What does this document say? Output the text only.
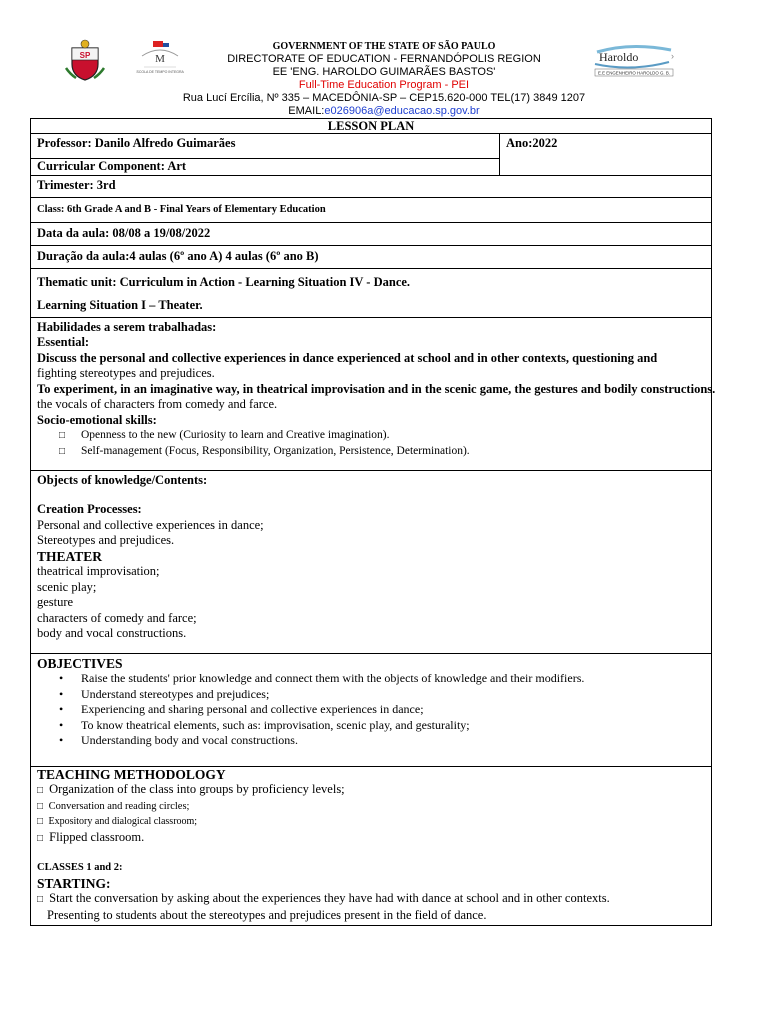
SP	M
ESCOLA DE TEMPO INTEGRAL
Haroldo	›
E.E ENGENHEIRO HAROLDO G. B.
GOVERNMENT OF THE STATE OF SÃO PAULO
DIRECTORATE OF EDUCATION - FERNANDÓPOLIS REGION
EE 'ENG. HAROLDO GUIMARÃES BASTOS'
Full-Time Education Program - PEI
Rua Lucí Ercília, Nº 335 – MACEDÔNIA-SP – CEP15.620-000 TEL(17) 3849 1207
EMAIL:e026906a@educacao.sp.gov.br
LESSON PLAN
Professor: Danilo Alfredo Guimarães	Ano:2022
Curricular Component: Art
Trimester: 3rd
Class: 6th Grade A and B - Final Years of Elementary Education
Data da aula: 08/08 a 19/08/2022
Duração da aula:4 aulas (6º ano A) 4 aulas (6º ano B)

Thematic unit: Curriculum in Action - Learning Situation IV - Dance.
Learning Situation I – Theater.

Habilidades a serem trabalhadas:
Essential:
Discuss the personal and collective experiences in dance experienced at school and in other contexts, questioning and
fighting stereotypes and prejudices.
To experiment, in an imaginative way, in theatrical improvisation and in the scenic game, the gestures and bodily constructions.
the vocals of characters from comedy and farce.
Socio-emotional skills:
□ Openness to the new (Curiosity to learn and Creative imagination).
□ Self-management (Focus, Responsibility, Organization, Persistence, Determination).

Objects of knowledge/Contents:
Creation Processes:
Personal and collective experiences in dance;
Stereotypes and prejudices.
THEATER
theatrical improvisation;
scenic play;
gesture
characters of comedy and farce;
body and vocal constructions.

OBJECTIVES
• Raise the students' prior knowledge and connect them with the objects of knowledge and their modifiers.
• Understand stereotypes and prejudices;
• Experiencing and sharing personal and collective experiences in dance;
• To know theatrical elements, such as: improvisation, scenic play, and gesturality;
• Understanding body and vocal constructions.

TEACHING METHODOLOGY
□ Organization of the class into groups by proficiency levels;
□ Conversation and reading circles;
□ Expository and dialogical classroom;
□ Flipped classroom.
CLASSES 1 and 2:
STARTING:
□ Start the conversation by asking about the experiences they have had with dance at school and in other contexts.
Presenting to students about the stereotypes and prejudices present in the field of dance.
